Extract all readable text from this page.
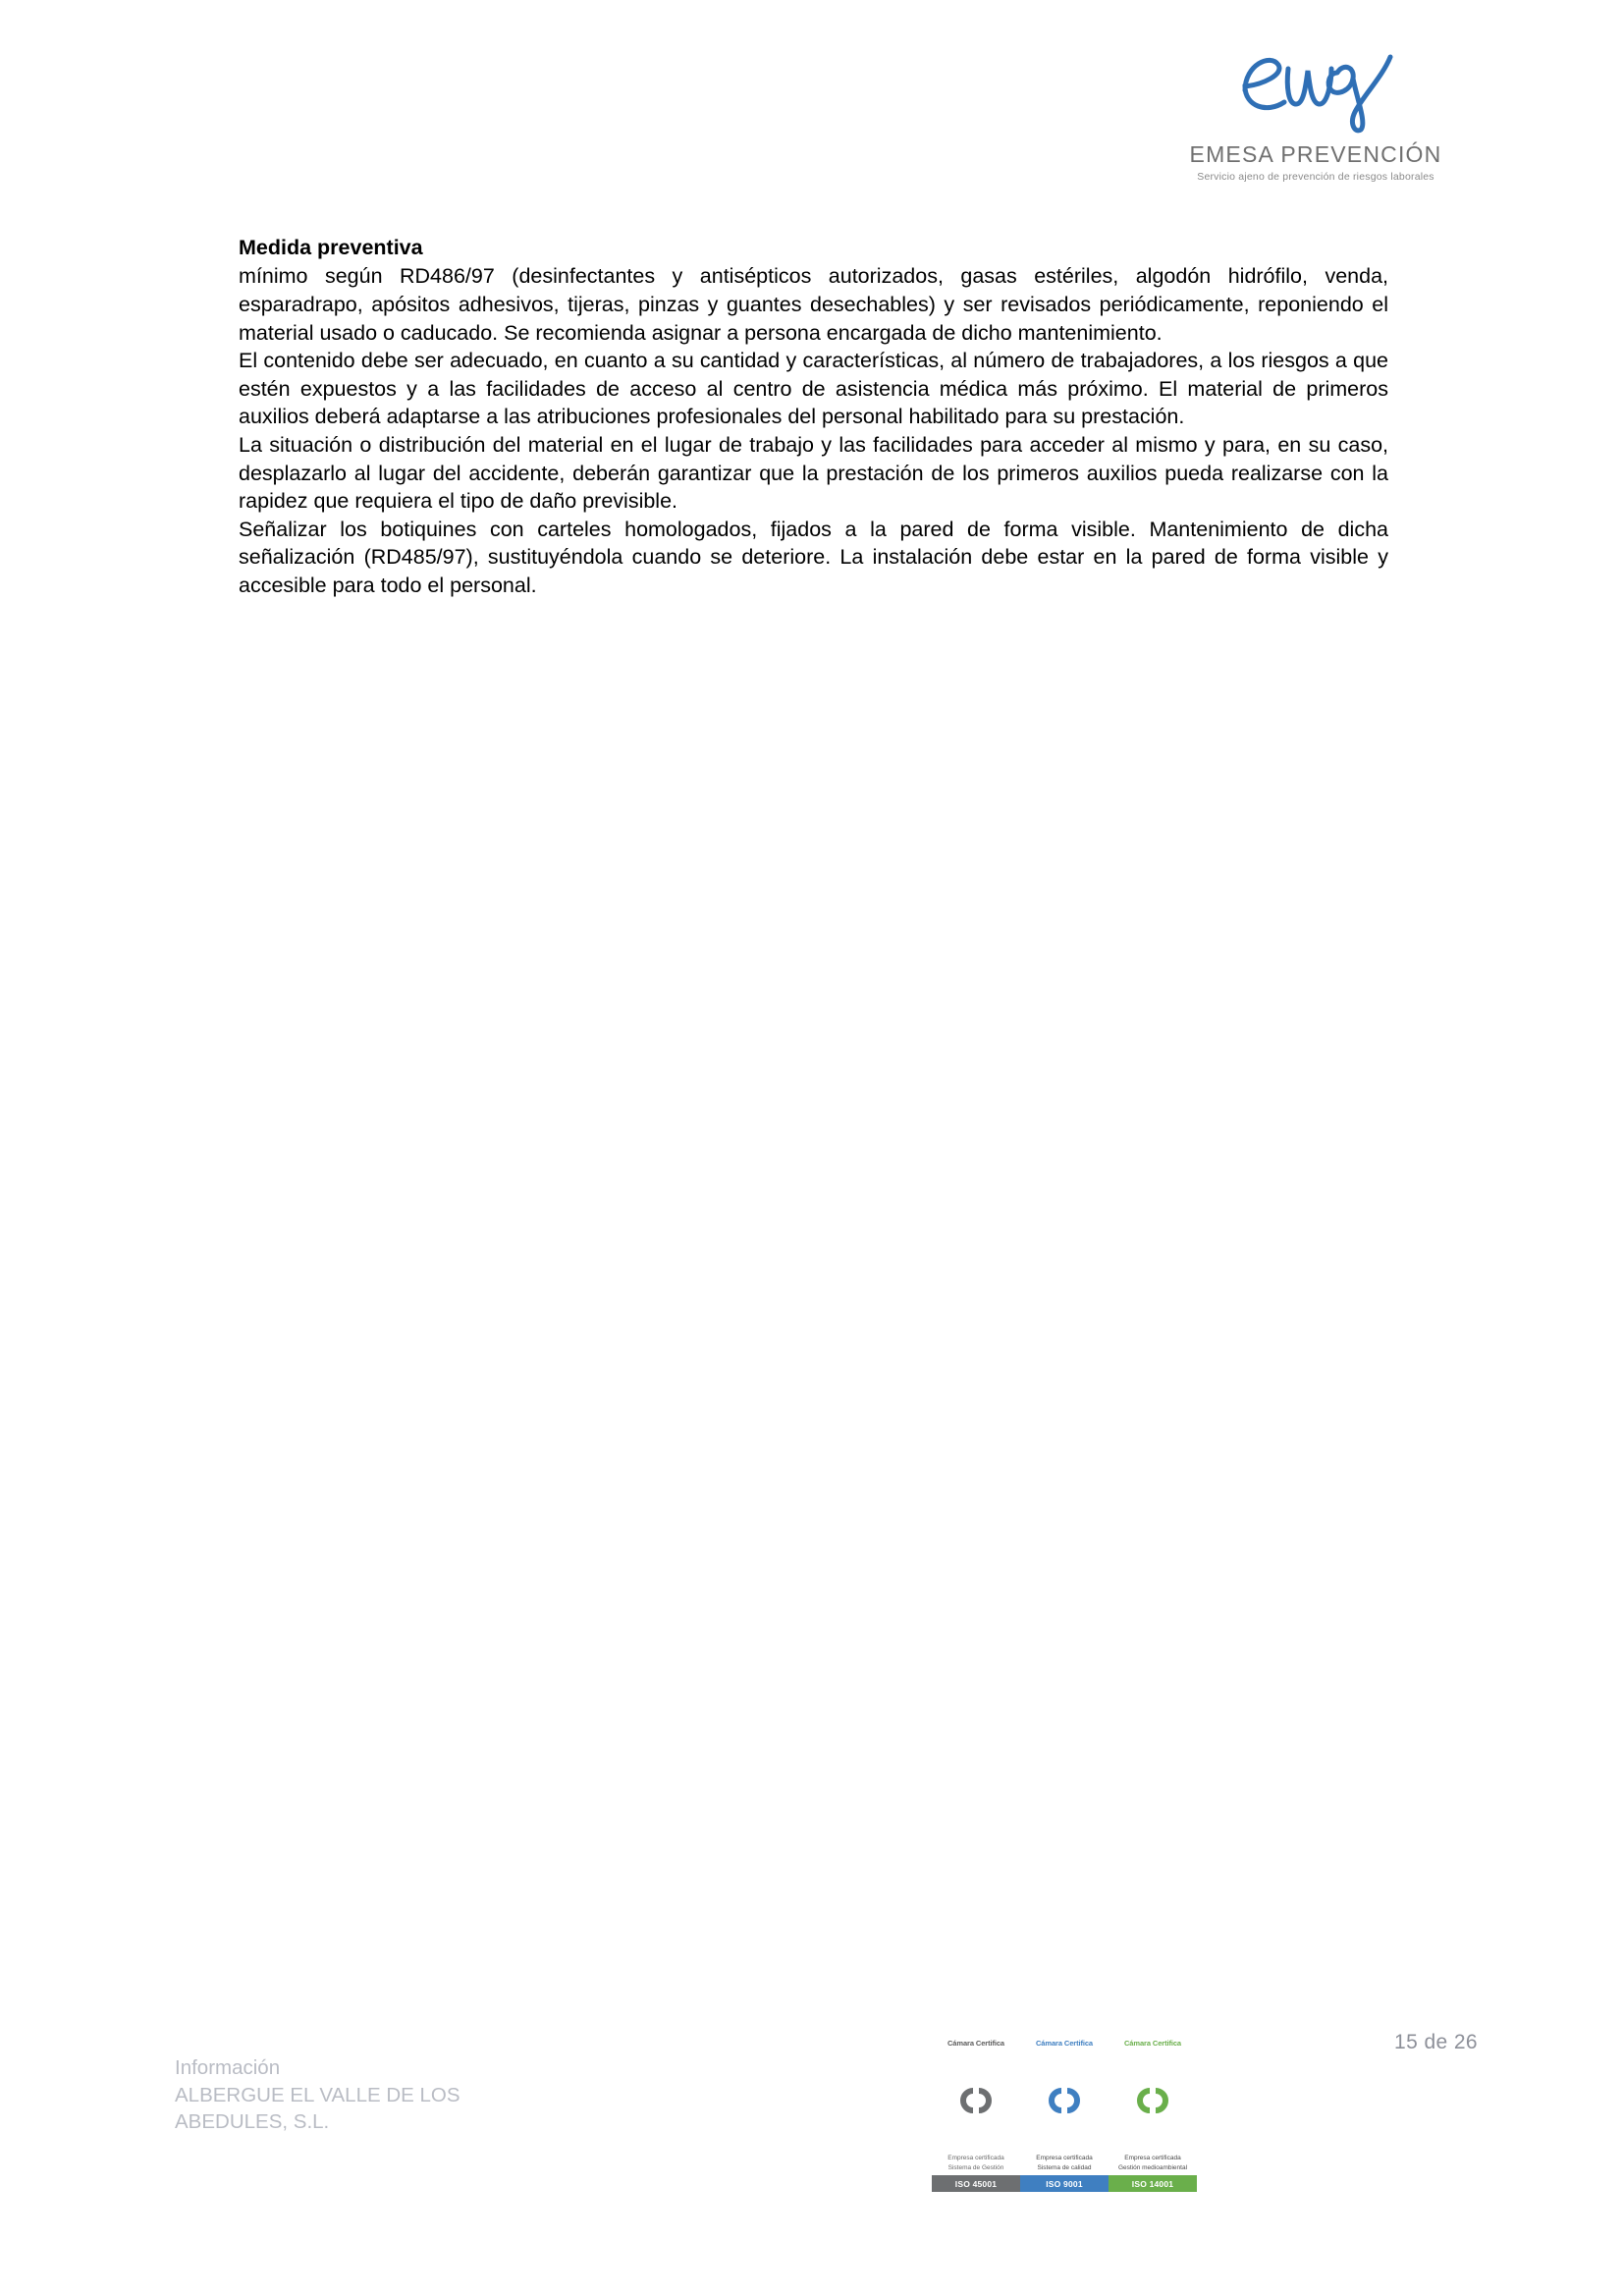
EMESA PREVENCIÓN
Servicio ajeno de prevención de riesgos laborales

Medida preventiva

mínimo según RD486/97 (desinfectantes y antisépticos autorizados, gasas estériles, algodón hidrófilo, venda, esparadrapo, apósitos adhesivos, tijeras, pinzas y guantes desechables) y ser revisados periódicamente, reponiendo el material usado o caducado. Se recomienda asignar a persona encargada de dicho mantenimiento.

El contenido debe ser adecuado, en cuanto a su cantidad y características, al número de trabajadores, a los riesgos a que estén expuestos y a las facilidades de acceso al centro de asistencia médica más próximo. El material de primeros auxilios deberá adaptarse a las atribuciones profesionales del personal habilitado para su prestación.

La situación o distribución del material en el lugar de trabajo y las facilidades para acceder al mismo y para, en su caso, desplazarlo al lugar del accidente, deberán garantizar que la prestación de los primeros auxilios pueda realizarse con la rapidez que requiera el tipo de daño previsible.

Señalizar los botiquines con carteles homologados, fijados a la pared de forma visible. Mantenimiento de dicha señalización (RD485/97), sustituyéndola cuando se deteriore. La instalación debe estar en la pared de forma visible y accesible para todo el personal.

Información
ALBERGUE EL VALLE DE LOS
ABEDULES, S.L.
15 de 26
Cámara Certifica
Empresa certificada
Sistema de Gestión
ISO 45001
Cámara Certifica
Empresa certificada
Sistema de calidad
ISO 9001
Cámara Certifica
Empresa certificada
Gestión medioambiental
ISO 14001
